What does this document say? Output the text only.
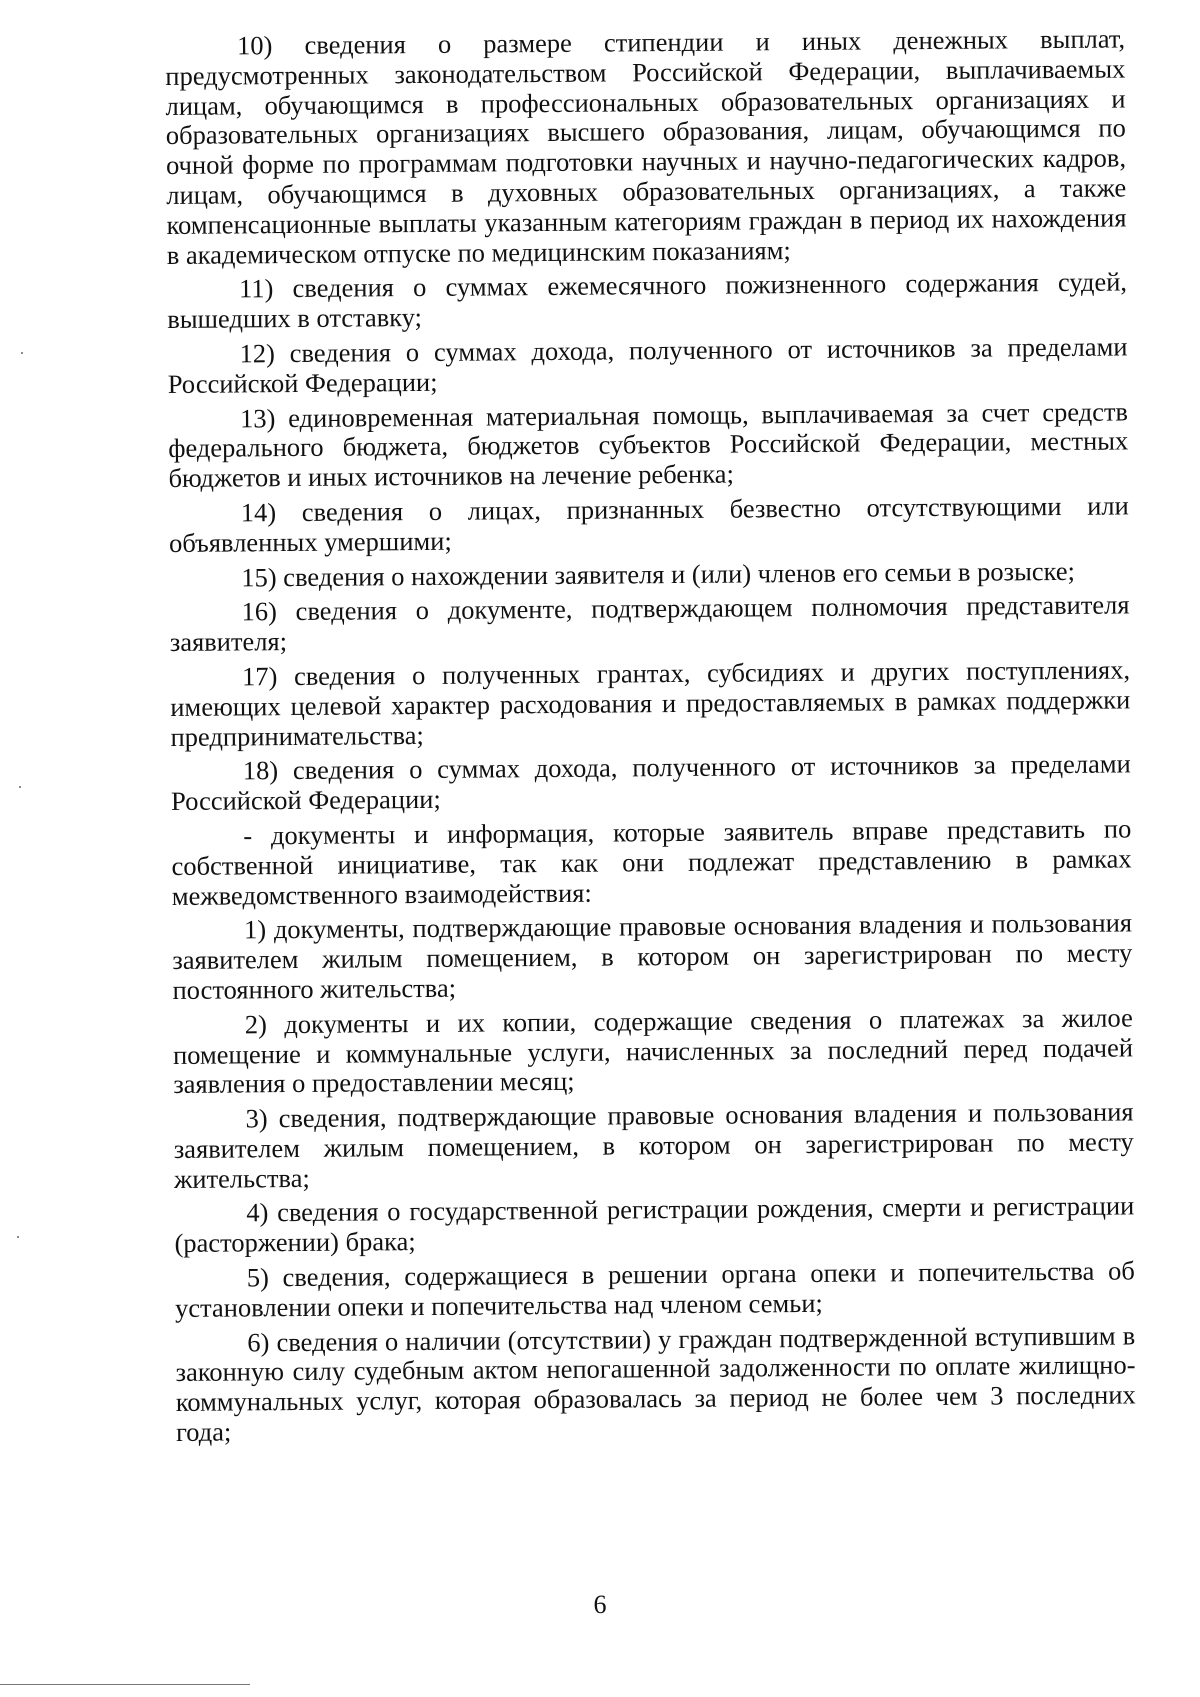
10) сведения о размере стипендии и иных денежных выплат, предусмотренных законодательством Российской Федерации, выплачиваемых лицам, обучающимся в профессиональных образовательных организациях и образовательных организациях высшего образования, лицам, обучающимся по очной форме по программам подготовки научных и научно-педагогических кадров, лицам, обучающимся в духовных образовательных организациях, а также компенсационные выплаты указанным категориям граждан в период их нахождения в академическом отпуске по медицинским показаниям;

11) сведения о суммах ежемесячного пожизненного содержания судей, вышедших в отставку;

12) сведения о суммах дохода, полученного от источников за пределами Российской Федерации;

13) единовременная материальная помощь, выплачиваемая за счет средств федерального бюджета, бюджетов субъектов Российской Федерации, местных бюджетов и иных источников на лечение ребенка;

14) сведения о лицах, признанных безвестно отсутствующими или объявленных умершими;

15) сведения о нахождении заявителя и (или) членов его семьи в розыске;

16) сведения о документе, подтверждающем полномочия представителя заявителя;

17) сведения о полученных грантах, субсидиях и других поступлениях, имеющих целевой характер расходования и предоставляемых в рамках поддержки предпринимательства;

18) сведения о суммах дохода, полученного от источников за пределами Российской Федерации;

- документы и информация, которые заявитель вправе представить по собственной инициативе, так как они подлежат представлению в рамках межведомственного взаимодействия:

1) документы, подтверждающие правовые основания владения и пользования заявителем жилым помещением, в котором он зарегистрирован по месту постоянного жительства;

2) документы и их копии, содержащие сведения о платежах за жилое помещение и коммунальные услуги, начисленных за последний перед подачей заявления о предоставлении месяц;

3) сведения, подтверждающие правовые основания владения и пользования заявителем жилым помещением, в котором он зарегистрирован по месту жительства;

4) сведения о государственной регистрации рождения, смерти и регистрации (расторжении) брака;

5) сведения, содержащиеся в решении органа опеки и попечительства об установлении опеки и попечительства над членом семьи;

6) сведения о наличии (отсутствии) у граждан подтвержденной вступившим в законную силу судебным актом непогашенной задолженности по оплате жилищно-коммунальных услуг, которая образовалась за период не более чем 3 последних года;

6
